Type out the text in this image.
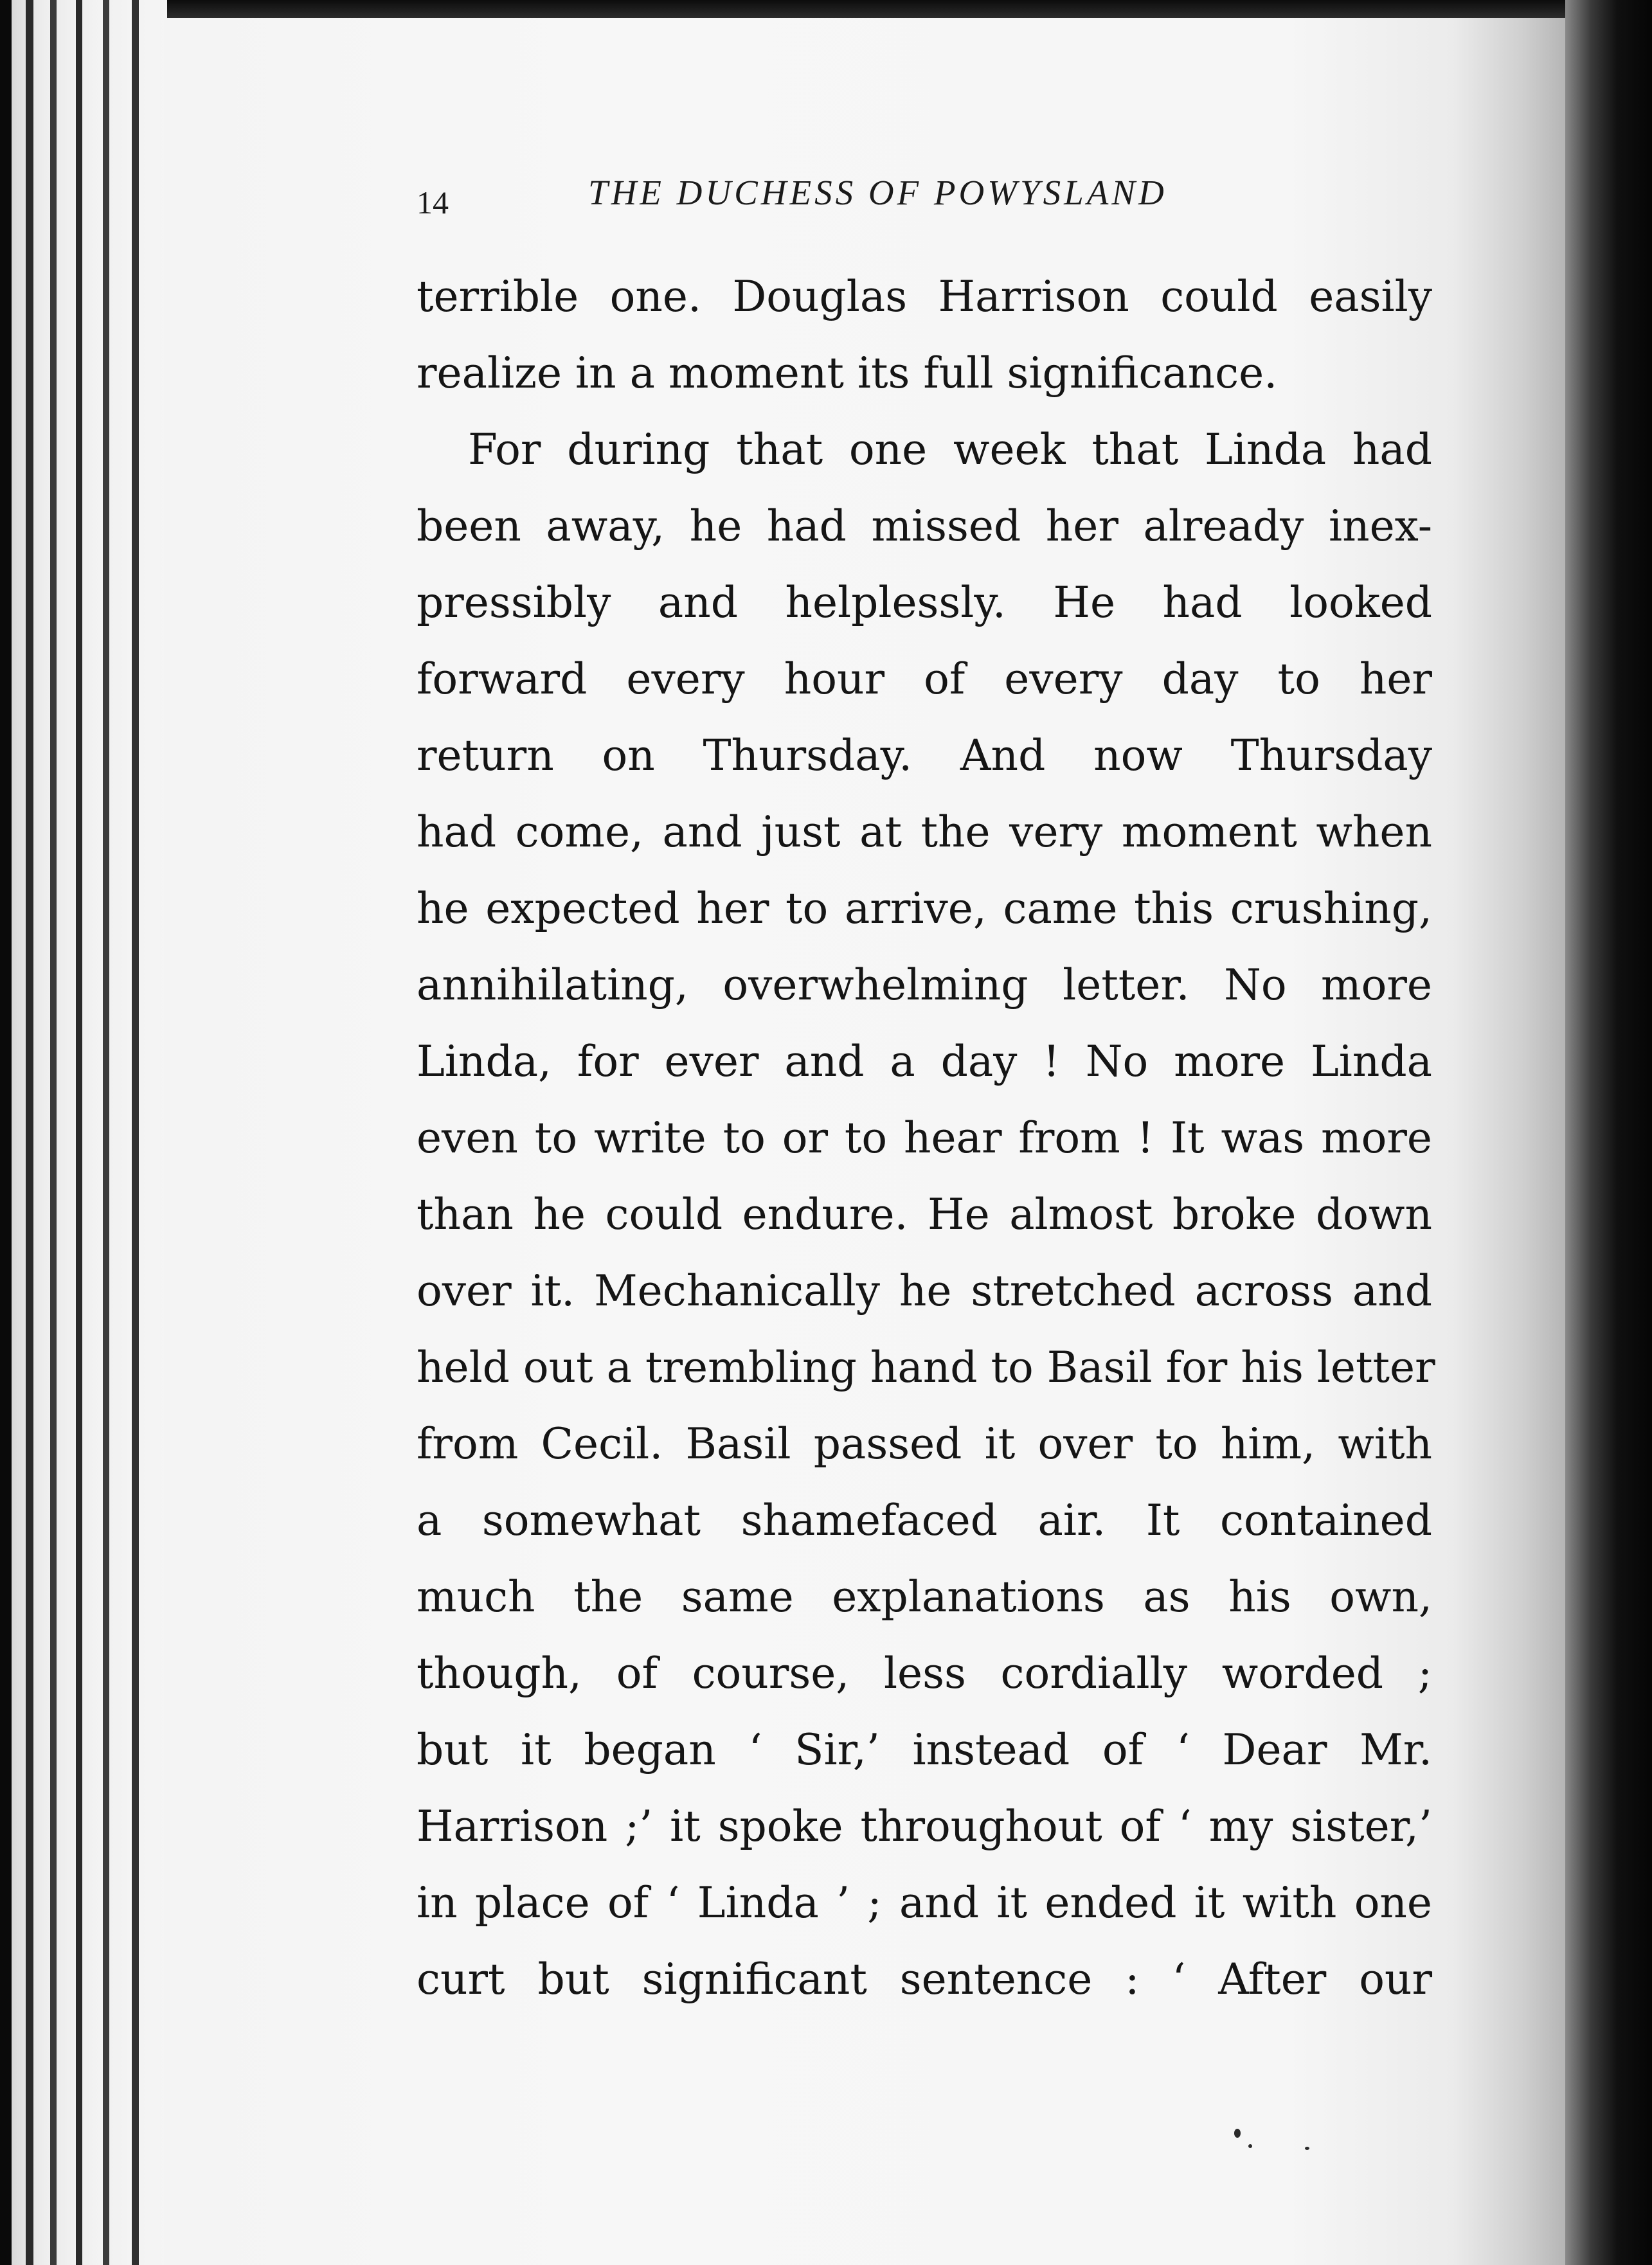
14	THE DUCHESS OF POWYSLAND
terrible one. Douglas Harrison could easily
realize in a moment its full significance.
For during that one week that Linda had
been away, he had missed her already inex-
pressibly and helplessly. He had looked
forward every hour of every day to her
return on Thursday. And now Thursday
had come, and just at the very moment when
he expected her to arrive, came this crushing,
annihilating, overwhelming letter. No more
Linda, for ever and a day ! No more Linda
even to write to or to hear from ! It was more
than he could endure. He almost broke down
over it. Mechanically he stretched across and
held out a trembling hand to Basil for his letter
from Cecil. Basil passed it over to him, with
a somewhat shamefaced air. It contained
much the same explanations as his own,
though, of course, less cordially worded ;
but it began ‘ Sir,’ instead of ‘ Dear Mr.
Harrison ;’ it spoke throughout of ‘ my sister,’
in place of ‘ Linda ’ ; and it ended it with one
curt but significant sentence : ‘ After our
